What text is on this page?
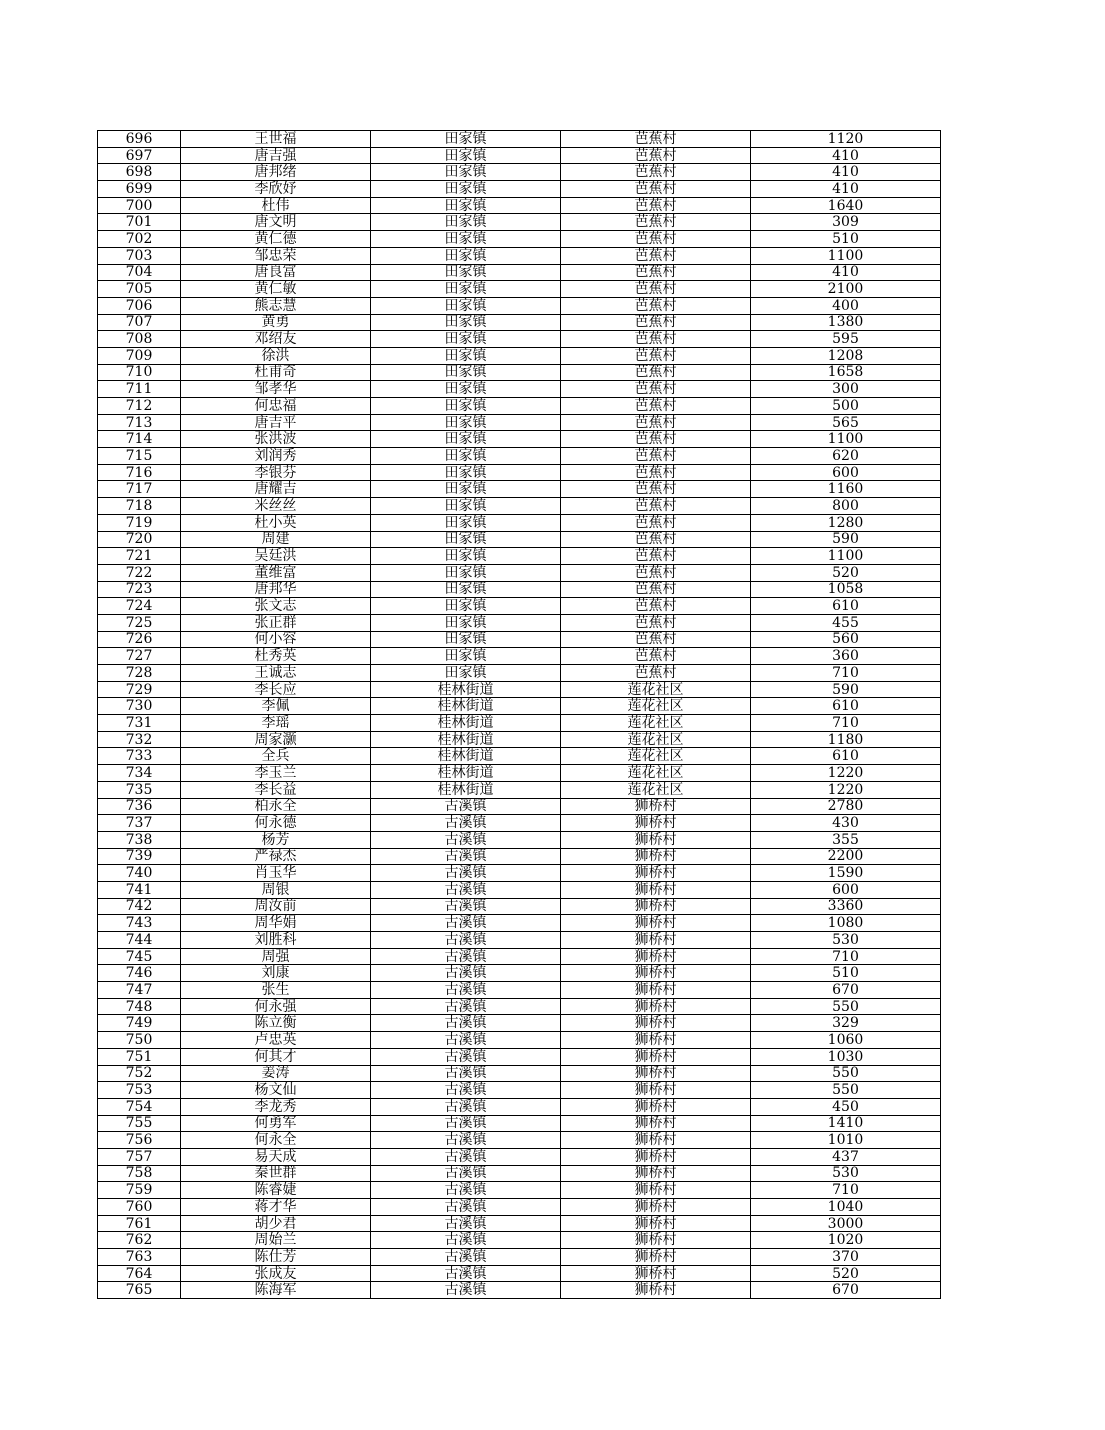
696	王世福	田家镇	芭蕉村	1120
697	唐吉强	田家镇	芭蕉村	410
698	唐邦绪	田家镇	芭蕉村	410
699	李欣妤	田家镇	芭蕉村	410
700	杜伟	田家镇	芭蕉村	1640
701	唐文明	田家镇	芭蕉村	309
702	黄仁德	田家镇	芭蕉村	510
703	邹忠荣	田家镇	芭蕉村	1100
704	唐良富	田家镇	芭蕉村	410
705	黄仁敏	田家镇	芭蕉村	2100
706	熊志慧	田家镇	芭蕉村	400
707	黄勇	田家镇	芭蕉村	1380
708	邓绍友	田家镇	芭蕉村	595
709	徐洪	田家镇	芭蕉村	1208
710	杜甫奇	田家镇	芭蕉村	1658
711	邹孝华	田家镇	芭蕉村	300
712	何忠福	田家镇	芭蕉村	500
713	唐吉平	田家镇	芭蕉村	565
714	张洪波	田家镇	芭蕉村	1100
715	刘润秀	田家镇	芭蕉村	620
716	李银芬	田家镇	芭蕉村	600
717	唐耀吉	田家镇	芭蕉村	1160
718	米丝丝	田家镇	芭蕉村	800
719	杜小英	田家镇	芭蕉村	1280
720	周建	田家镇	芭蕉村	590
721	吴廷洪	田家镇	芭蕉村	1100
722	董维富	田家镇	芭蕉村	520
723	唐邦华	田家镇	芭蕉村	1058
724	张文志	田家镇	芭蕉村	610
725	张正群	田家镇	芭蕉村	455
726	何小容	田家镇	芭蕉村	560
727	杜秀英	田家镇	芭蕉村	360
728	王诚志	田家镇	芭蕉村	710
729	李长应	桂林街道	莲花社区	590
730	李佩	桂林街道	莲花社区	610
731	李瑶	桂林街道	莲花社区	710
732	周家灏	桂林街道	莲花社区	1180
733	全兵	桂林街道	莲花社区	610
734	李玉兰	桂林街道	莲花社区	1220
735	李长益	桂林街道	莲花社区	1220
736	柏永全	古溪镇	狮桥村	2780
737	何永德	古溪镇	狮桥村	430
738	杨芳	古溪镇	狮桥村	355
739	严禄杰	古溪镇	狮桥村	2200
740	肖玉华	古溪镇	狮桥村	1590
741	周银	古溪镇	狮桥村	600
742	周汝前	古溪镇	狮桥村	3360
743	周华娟	古溪镇	狮桥村	1080
744	刘胜科	古溪镇	狮桥村	530
745	周强	古溪镇	狮桥村	710
746	刘康	古溪镇	狮桥村	510
747	张生	古溪镇	狮桥村	670
748	何永强	古溪镇	狮桥村	550
749	陈立衡	古溪镇	狮桥村	329
750	卢忠英	古溪镇	狮桥村	1060
751	何其才	古溪镇	狮桥村	1030
752	姜涛	古溪镇	狮桥村	550
753	杨文仙	古溪镇	狮桥村	550
754	李龙秀	古溪镇	狮桥村	450
755	何勇军	古溪镇	狮桥村	1410
756	何永全	古溪镇	狮桥村	1010
757	易天成	古溪镇	狮桥村	437
758	秦世群	古溪镇	狮桥村	530
759	陈睿婕	古溪镇	狮桥村	710
760	蒋才华	古溪镇	狮桥村	1040
761	胡少君	古溪镇	狮桥村	3000
762	周始兰	古溪镇	狮桥村	1020
763	陈仕芳	古溪镇	狮桥村	370
764	张成友	古溪镇	狮桥村	520
765	陈海军	古溪镇	狮桥村	670
